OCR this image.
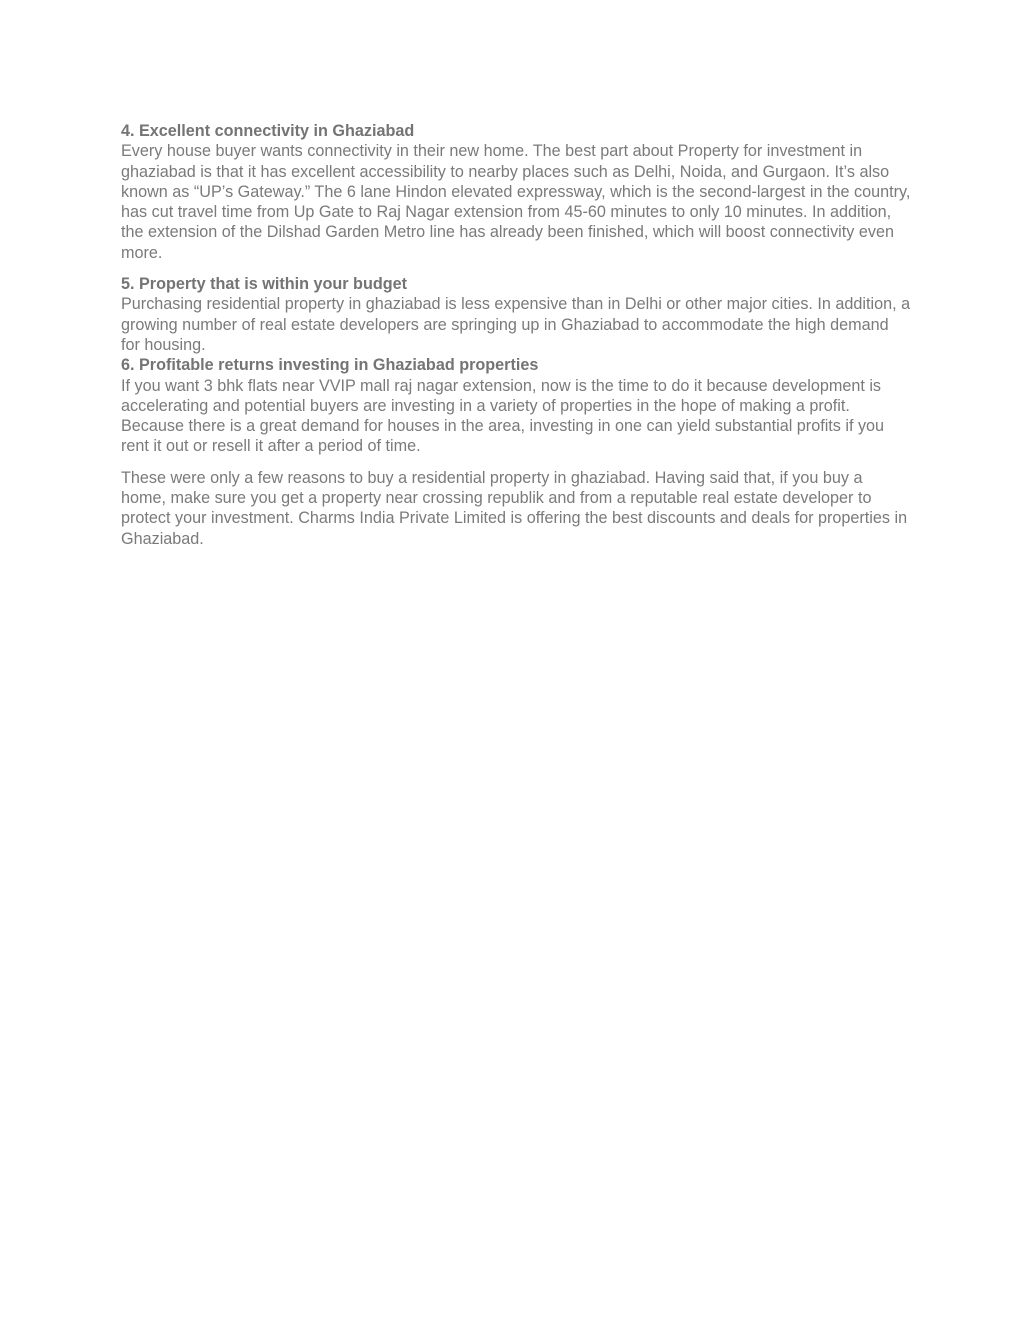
4. Excellent connectivity in Ghaziabad

Every house buyer wants connectivity in their new home. The best part about Property for investment in ghaziabad is that it has excellent accessibility to nearby places such as Delhi, Noida, and Gurgaon. It’s also known as “UP’s Gateway.” The 6 lane Hindon elevated expressway, which is the second-largest in the country, has cut travel time from Up Gate to Raj Nagar extension from 45-60 minutes to only 10 minutes. In addition, the extension of the Dilshad Garden Metro line has already been finished, which will boost connectivity even more.

5. Property that is within your budget

Purchasing residential property in ghaziabad is less expensive than in Delhi or other major cities. In addition, a growing number of real estate developers are springing up in Ghaziabad to accommodate the high demand for housing.

6. Profitable returns investing in Ghaziabad properties

If you want 3 bhk flats near VVIP mall raj nagar extension, now is the time to do it because development is accelerating and potential buyers are investing in a variety of properties in the hope of making a profit. Because there is a great demand for houses in the area, investing in one can yield substantial profits if you rent it out or resell it after a period of time.

These were only a few reasons to buy a residential property in ghaziabad. Having said that, if you buy a home, make sure you get a property near crossing republik and from a reputable real estate developer to protect your investment. Charms India Private Limited is offering the best discounts and deals for properties in Ghaziabad.
